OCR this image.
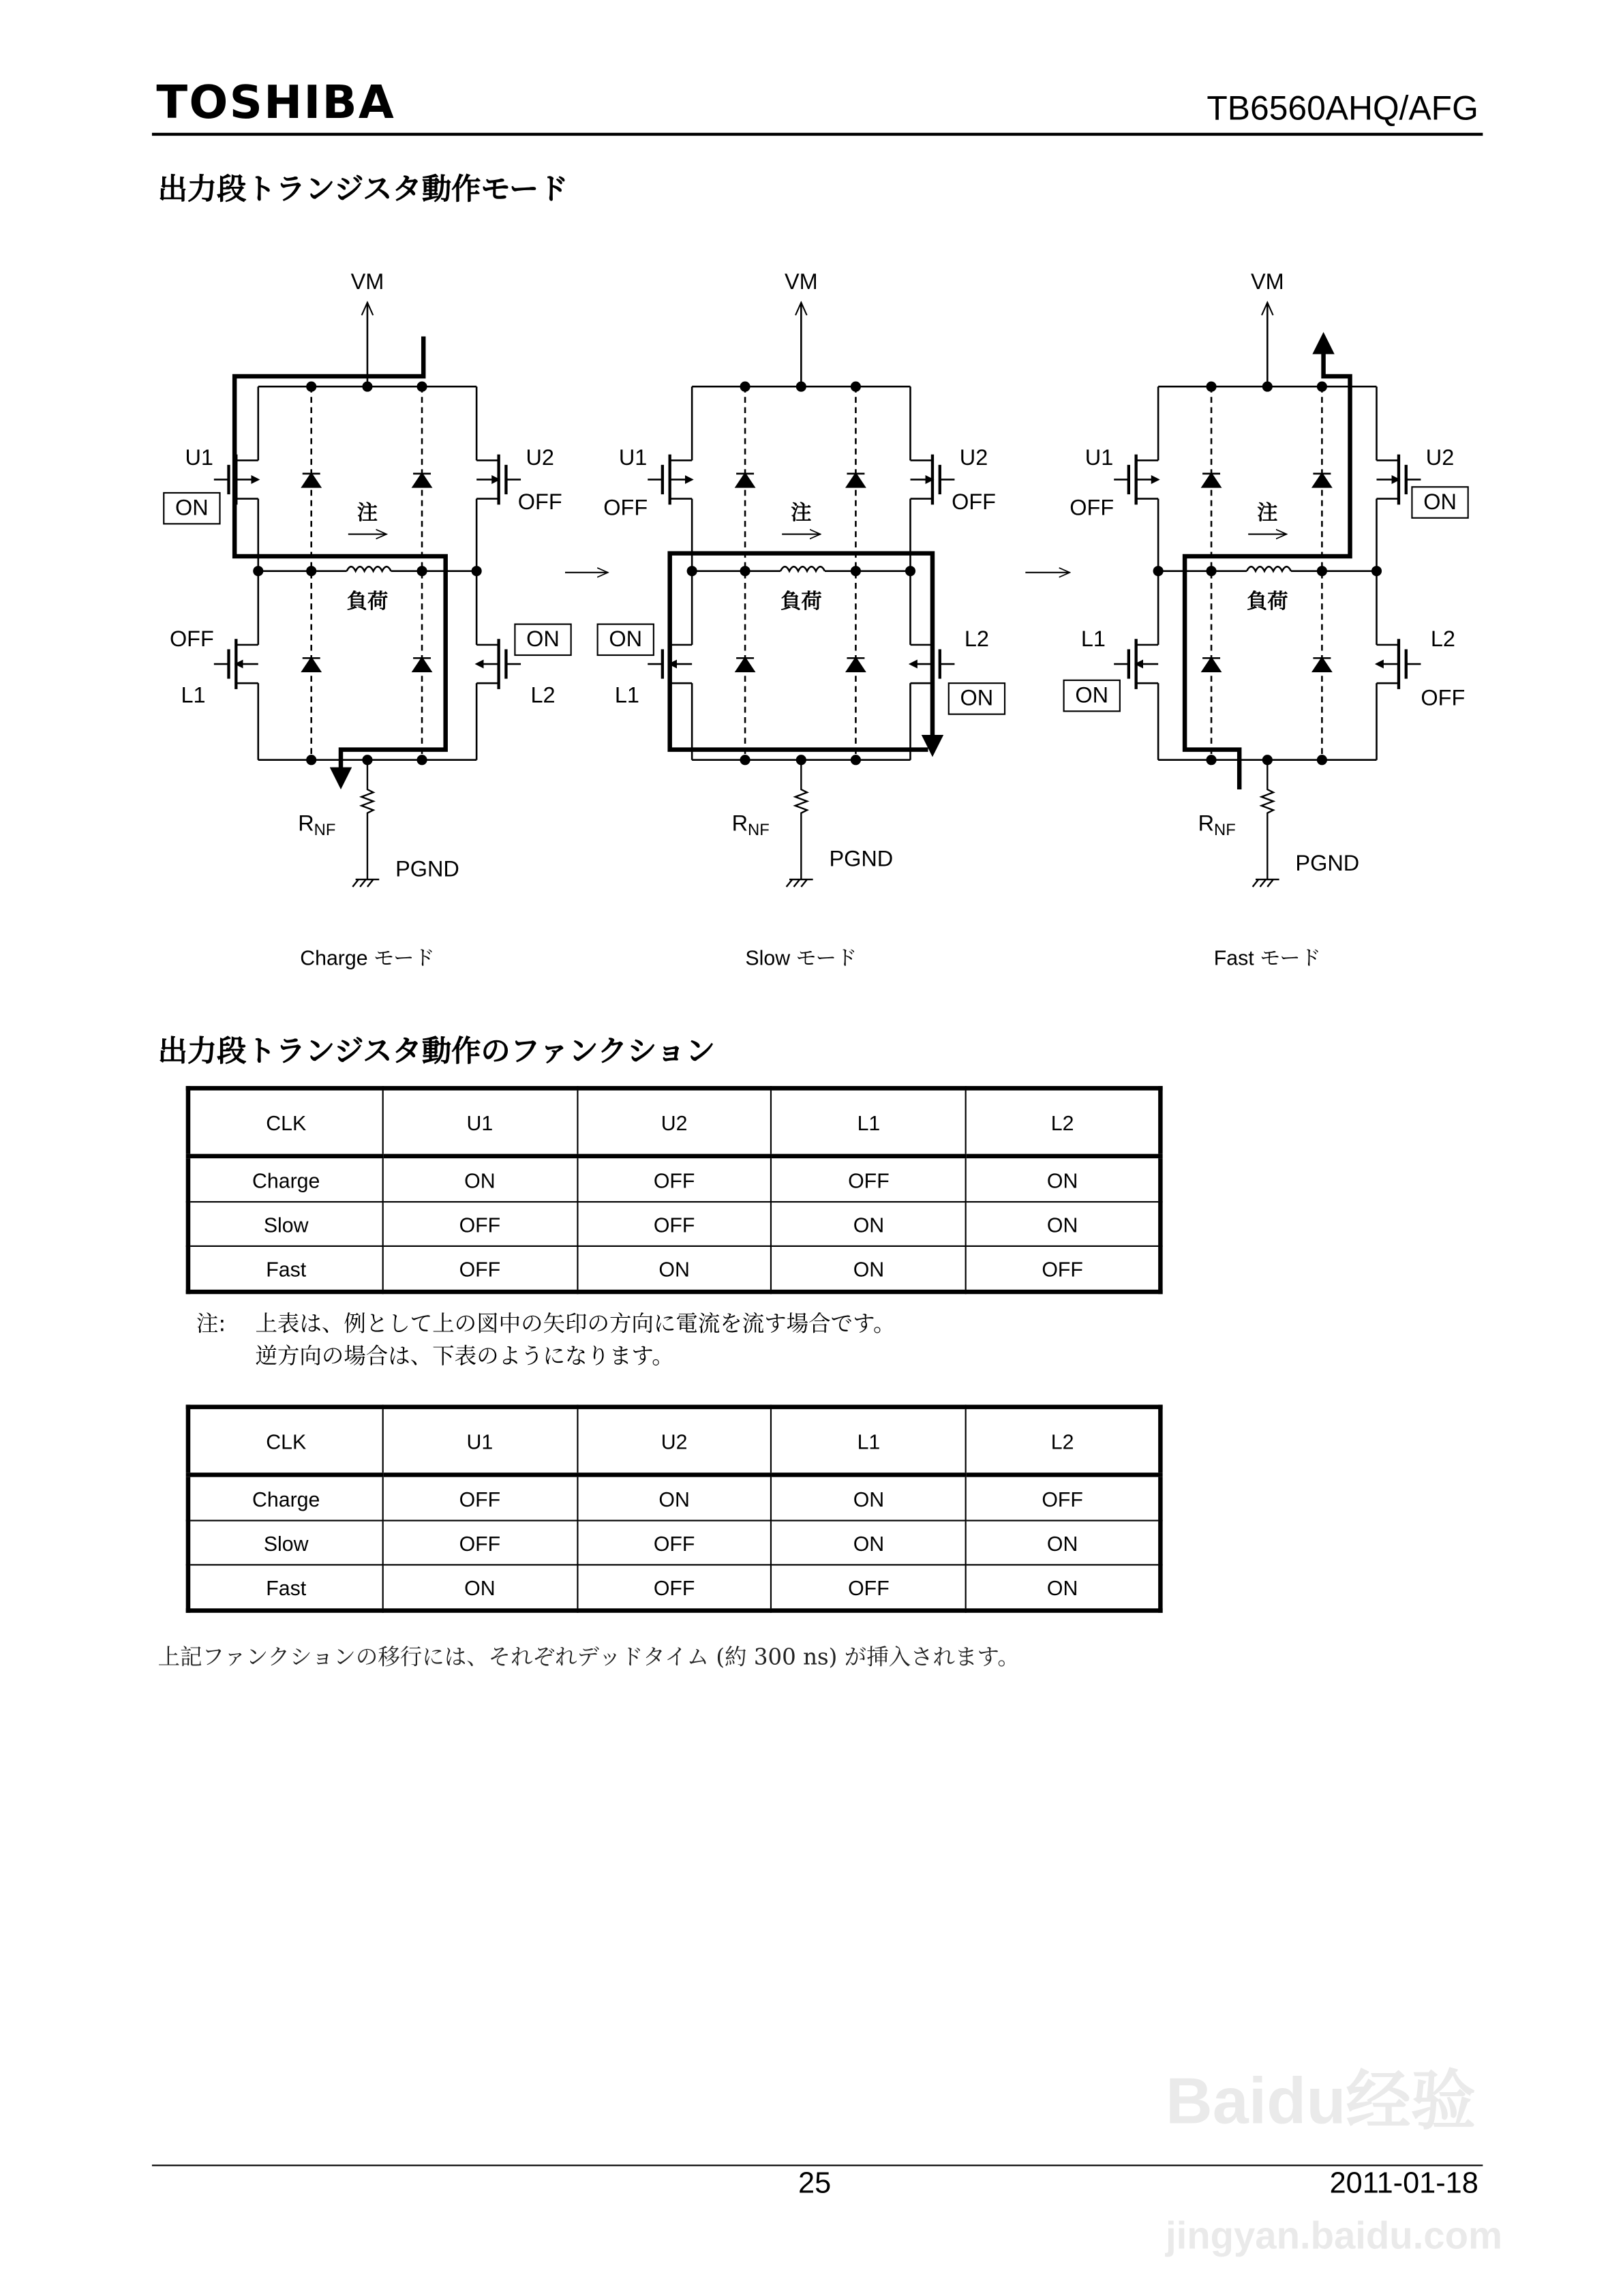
TOSHIBA	TB6560AHQ/AFG
出力段トランジスタ動作モード
VM
$R_{NF}$
PGND
注
負荷
U1
ON
U2
OFF
L1
OFF
L2
ON
Charge モード
VM
$R_{NF}$
PGND
注
負荷
U1
OFF
U2
OFF
L1
ON	L2
ON
Slow モード
VM
$R_{NF}$
PGND
注
負荷
U1
OFF
U2
ON
L1
ON
L2
OFF
Fast モード
出力段トランジスタ動作のファンクション
CLK	U1	U2	L1	L2
Charge	ON	OFF	OFF	ON
Slow	OFF	OFF	ON	ON
Fast	OFF	ON	ON	OFF
注:	上表は、例として上の図中の矢印の方向に電流を流す場合です。
逆方向の場合は、下表のようになります。
CLK	U1	U2	L1	L2
Charge	OFF	ON	ON	OFF
Slow	OFF	OFF	ON	ON
Fast	ON	OFF	OFF	ON
上記ファンクションの移行には、それぞれデッドタイム (約 300 ns) が挿入されます。
25	2011-01-18
Baidu经验
jingyan.baidu.com
